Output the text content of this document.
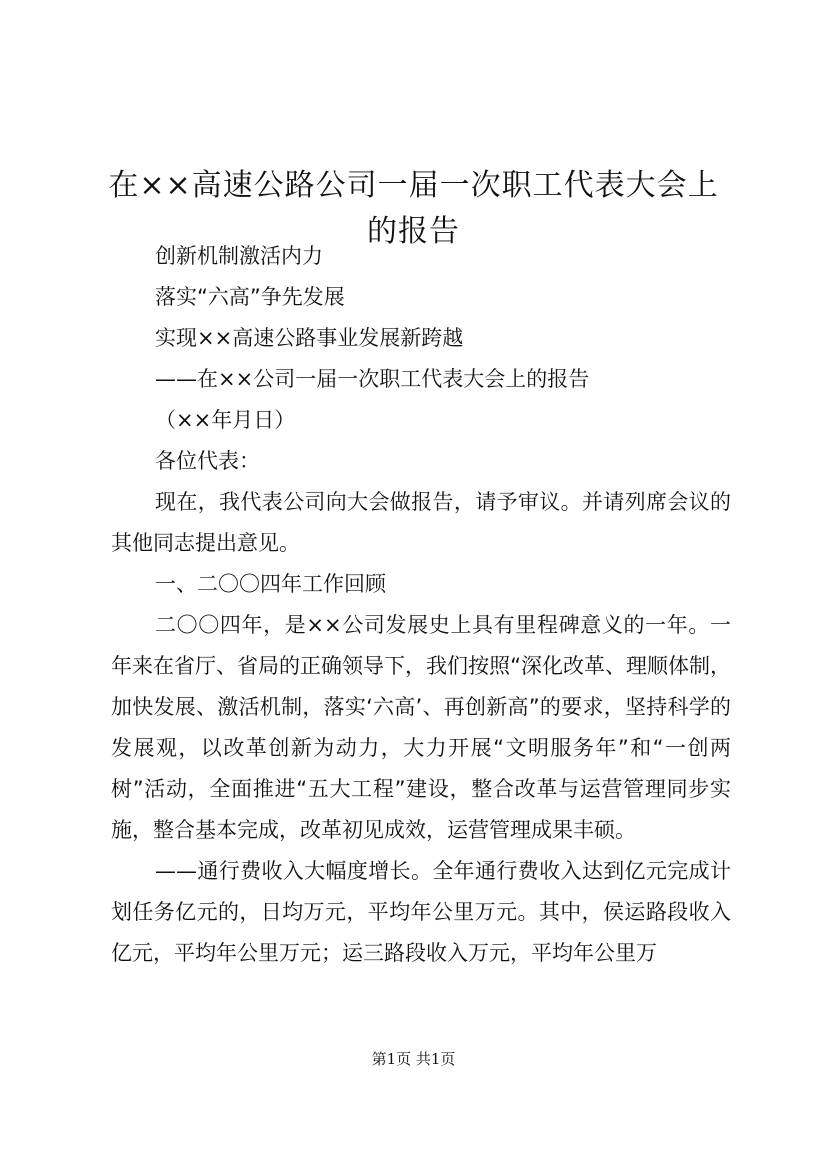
在××高速公路公司一届一次职工代表大会上
的报告

创新机制激活内力

落实“六高”争先发展

实现××高速公路事业发展新跨越

——在××公司一届一次职工代表大会上的报告

（××年月日）

各位代表：

现在，我代表公司向大会做报告，请予审议。并请列席会议的其他同志提出意见。

一、二〇〇四年工作回顾

二〇〇四年，是××公司发展史上具有里程碑意义的一年。一年来在省厅、省局的正确领导下，我们按照“深化改革、理顺体制，加快发展、激活机制，落实‘六高’、再创新高”的要求，坚持科学的发展观，以改革创新为动力，大力开展“文明服务年”和“一创两树”活动，全面推进“五大工程”建设，整合改革与运营管理同步实施，整合基本完成，改革初见成效，运营管理成果丰硕。

——通行费收入大幅度增长。全年通行费收入达到亿元完成计划任务亿元的，日均万元，平均年公里万元。其中，侯运路段收入亿元，平均年公里万元；运三路段收入万元，平均年公里万

第1页 共1页
